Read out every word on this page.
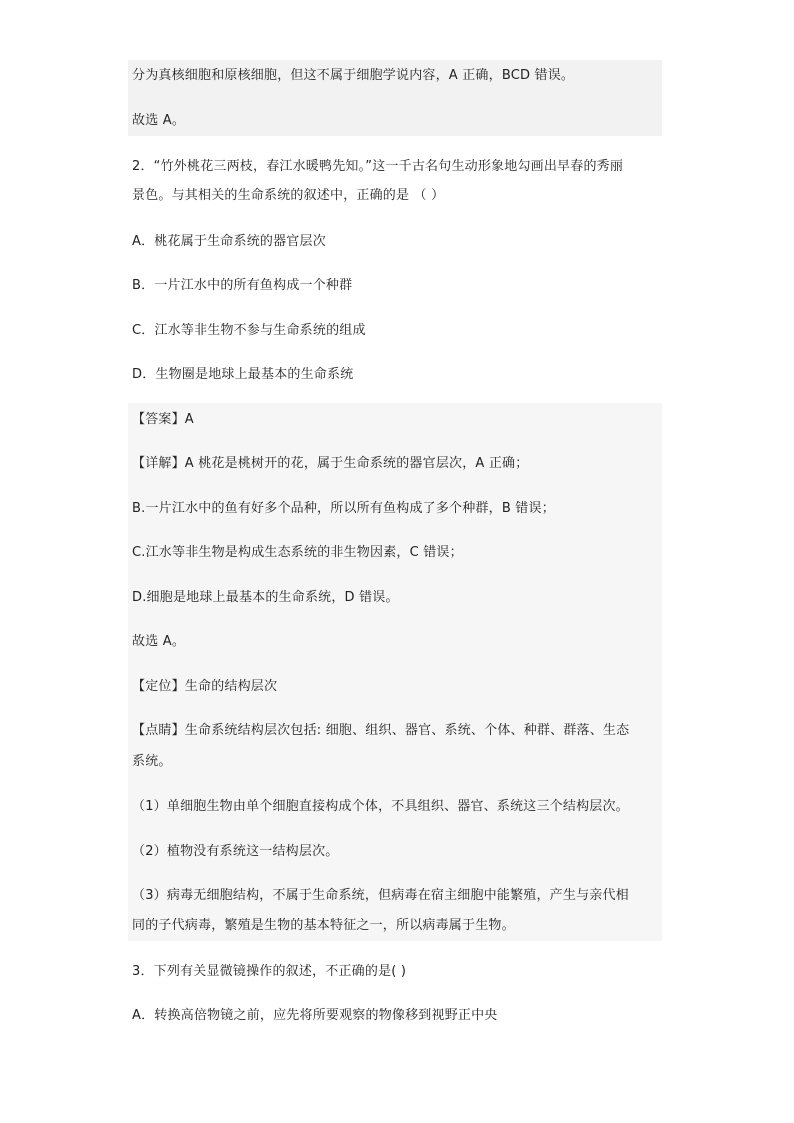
分为真核细胞和原核细胞，但这不属于细胞学说内容，A 正确，BCD 错误。
故选 A。
2．“竹外桃花三两枝，春江水暖鸭先知。”这一千古名句生动形象地勾画出早春的秀丽
景色。与其相关的生命系统的叙述中，正确的是 （ ）
A．桃花属于生命系统的器官层次
B．一片江水中的所有鱼构成一个种群
C．江水等非生物不参与生命系统的组成
D．生物圈是地球上最基本的生命系统
【答案】A
【详解】A 桃花是桃树开的花，属于生命系统的器官层次，A 正确；
B.一片江水中的鱼有好多个品种，所以所有鱼构成了多个种群，B 错误；
C.江水等非生物是构成生态系统的非生物因素，C 错误；
D.细胞是地球上最基本的生命系统，D 错误。
故选 A。
【定位】生命的结构层次
【点睛】生命系统结构层次包括: 细胞、组织、器官、系统、个体、种群、群落、生态
系统。
（1）单细胞生物由单个细胞直接构成个体，不具组织、器官、系统这三个结构层次。
（2）植物没有系统这一结构层次。
（3）病毒无细胞结构，不属于生命系统，但病毒在宿主细胞中能繁殖，产生与亲代相
同的子代病毒，繁殖是生物的基本特征之一，所以病毒属于生物。
3．下列有关显微镜操作的叙述，不正确的是( )
A．转换高倍物镜之前，应先将所要观察的物像移到视野正中央
